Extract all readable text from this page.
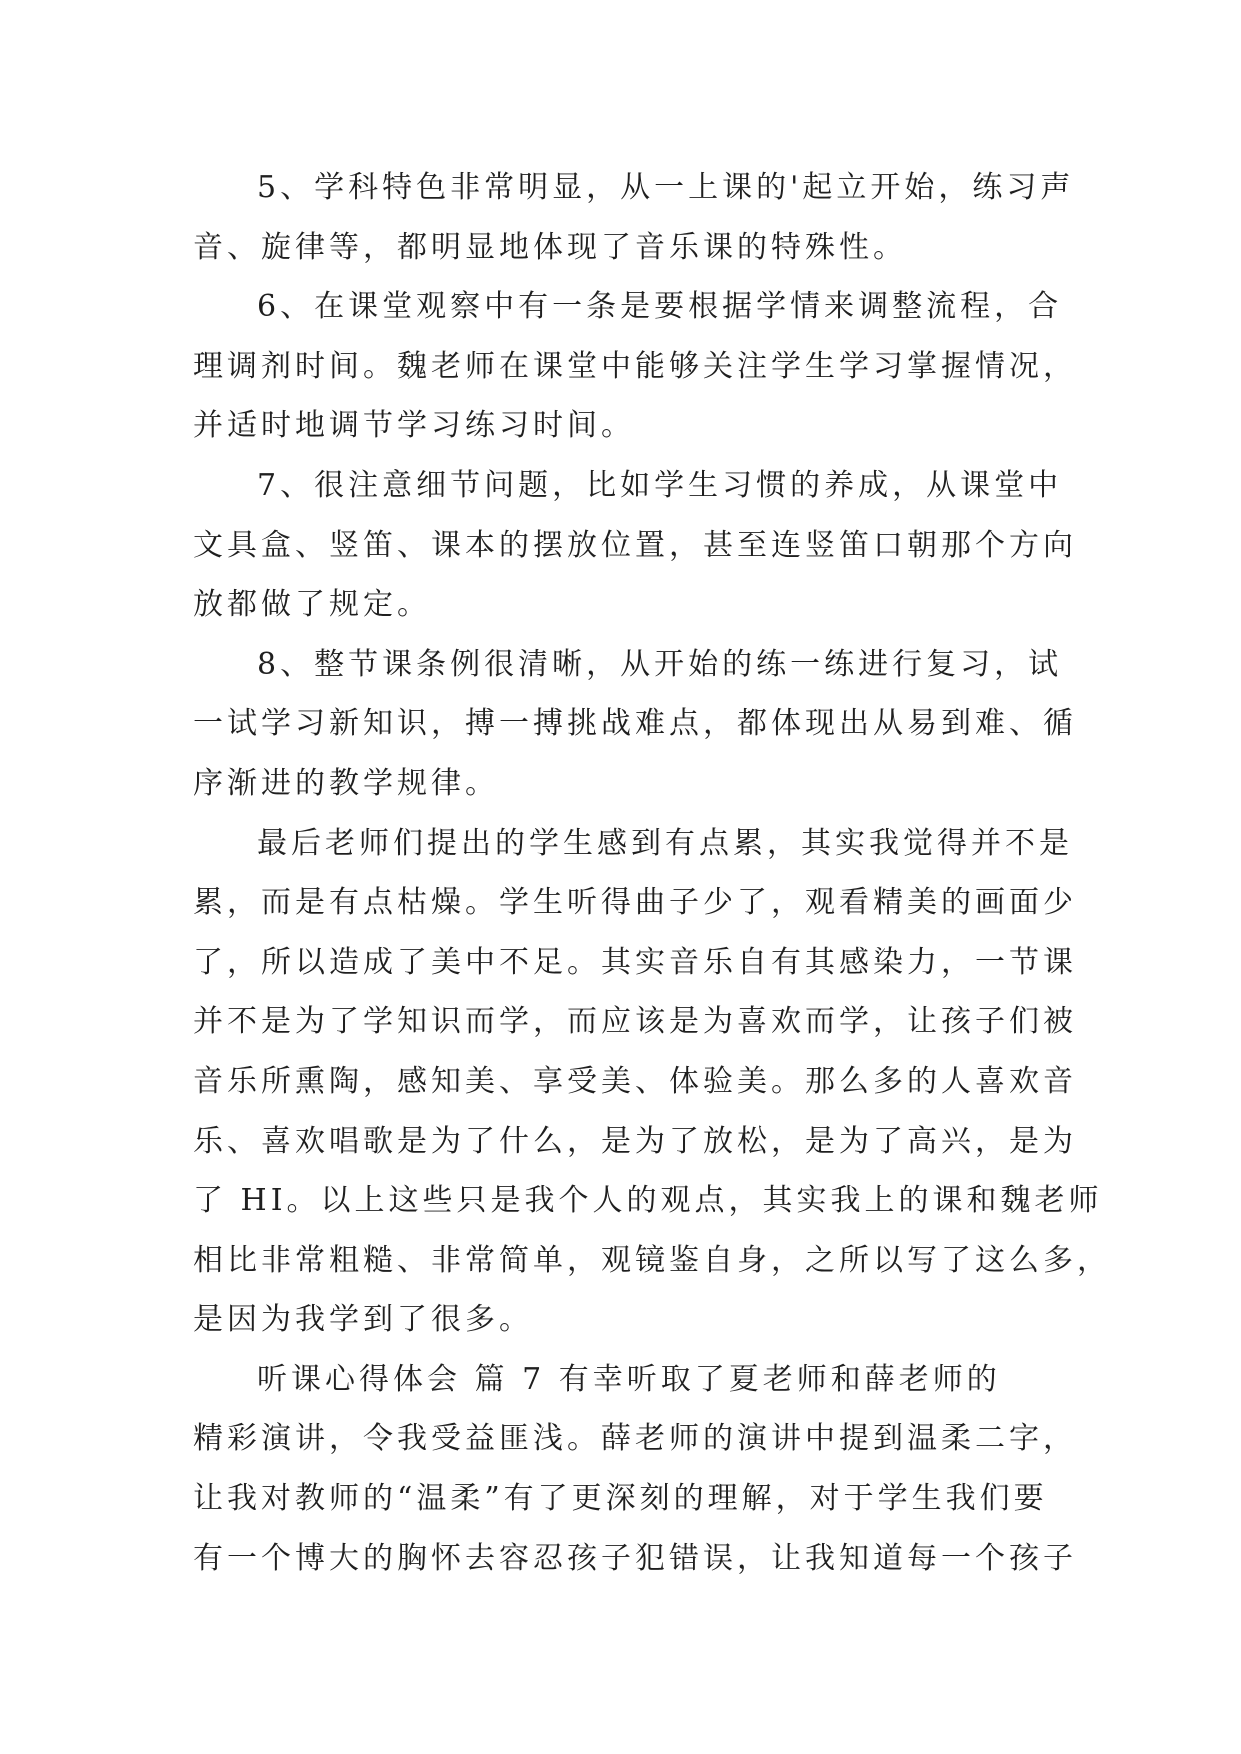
5、学科特色非常明显，从一上课的'起立开始，练习声
音、旋律等，都明显地体现了音乐课的特殊性。
6、在课堂观察中有一条是要根据学情来调整流程，合
理调剂时间。魏老师在课堂中能够关注学生学习掌握情况，
并适时地调节学习练习时间。
7、很注意细节问题，比如学生习惯的养成，从课堂中
文具盒、竖笛、课本的摆放位置，甚至连竖笛口朝那个方向
放都做了规定。
8、整节课条例很清晰，从开始的练一练进行复习，试
一试学习新知识，搏一搏挑战难点，都体现出从易到难、循
序渐进的教学规律。
最后老师们提出的学生感到有点累，其实我觉得并不是
累，而是有点枯燥。学生听得曲子少了，观看精美的画面少
了，所以造成了美中不足。其实音乐自有其感染力，一节课
并不是为了学知识而学，而应该是为喜欢而学，让孩子们被
音乐所熏陶，感知美、享受美、体验美。那么多的人喜欢音
乐、喜欢唱歌是为了什么，是为了放松，是为了高兴，是为
了 HI。以上这些只是我个人的观点，其实我上的课和魏老师
相比非常粗糙、非常简单，观镜鉴自身，之所以写了这么多，
是因为我学到了很多。
听课心得体会 篇 7 有幸听取了夏老师和薛老师的
精彩演讲，令我受益匪浅。薛老师的演讲中提到温柔二字，
让我对教师的“温柔”有了更深刻的理解，对于学生我们要
有一个博大的胸怀去容忍孩子犯错误，让我知道每一个孩子
